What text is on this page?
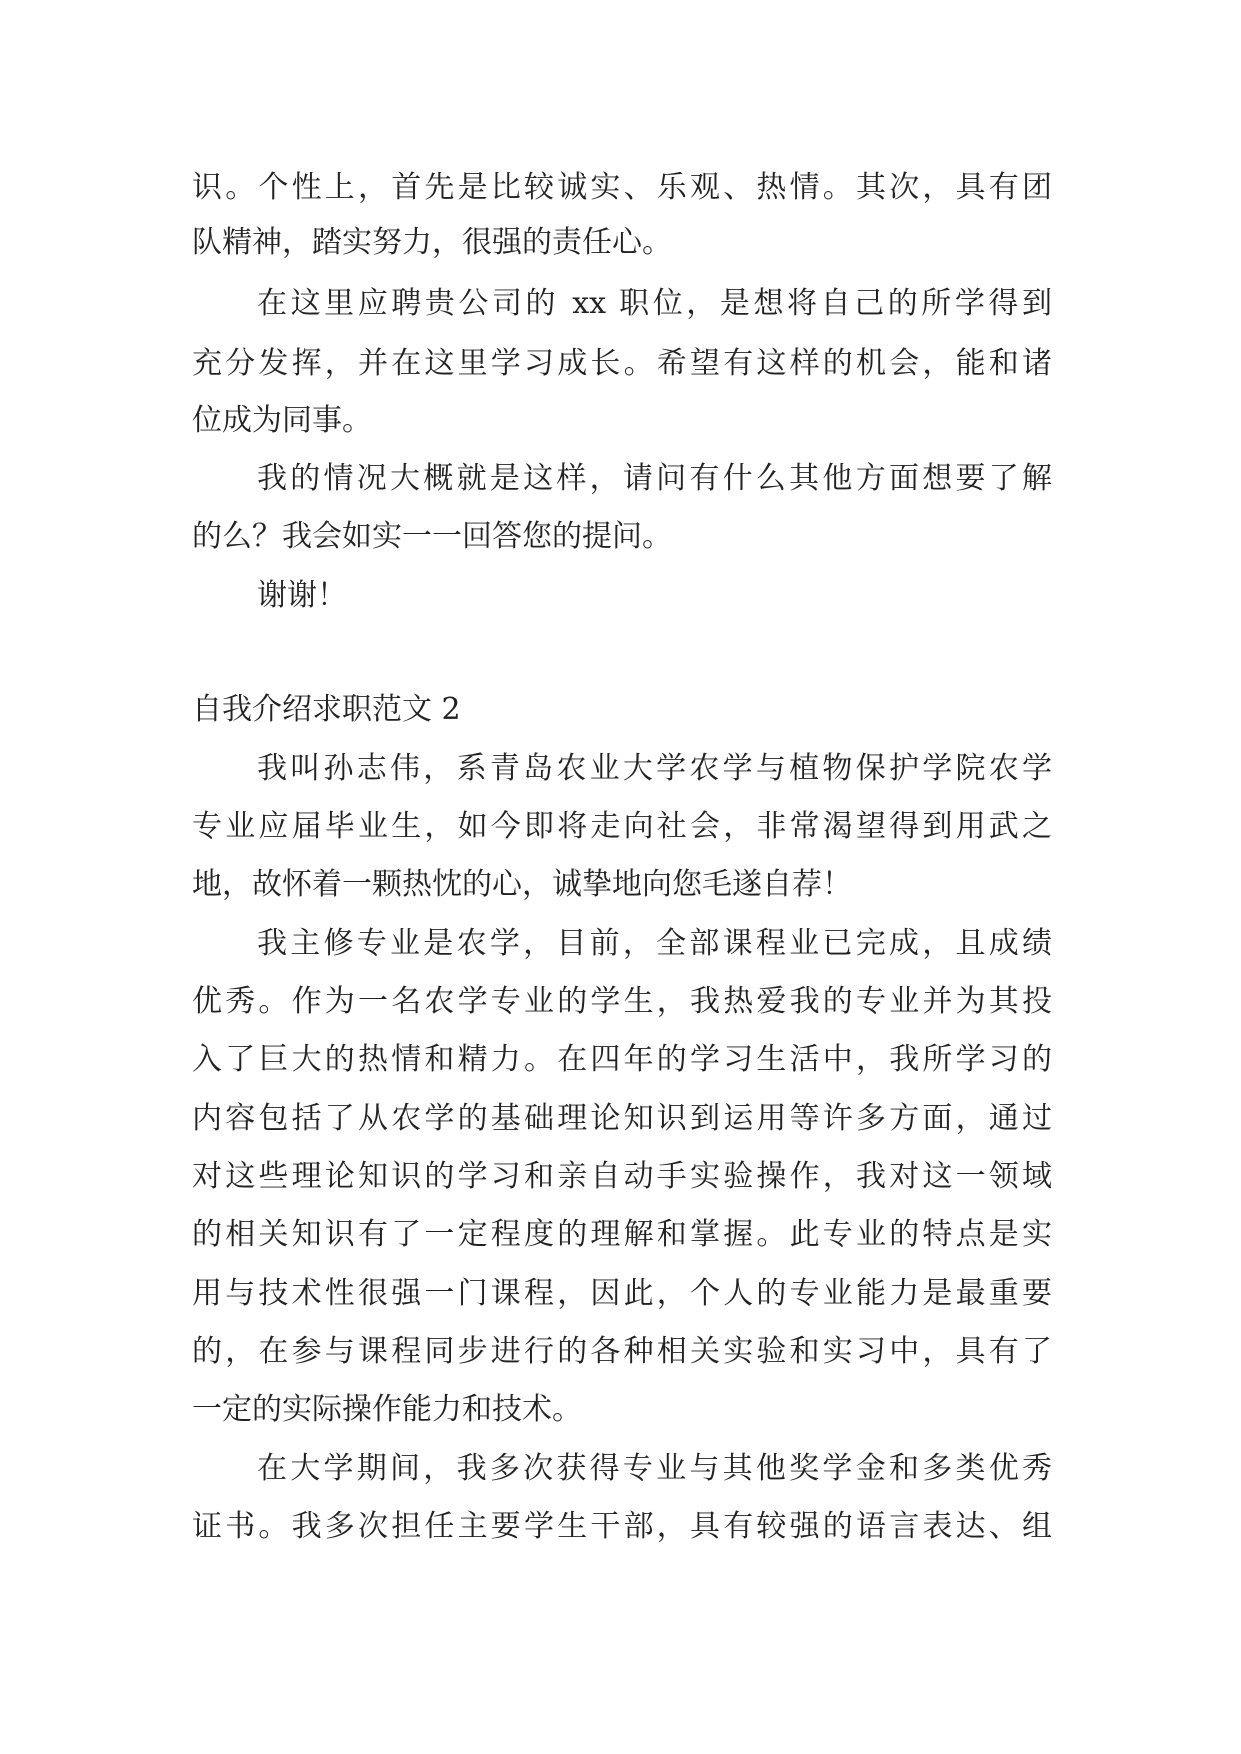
识。个性上，首先是比较诚实、乐观、热情。其次，具有团
队精神，踏实努力，很强的责任心。
在这里应聘贵公司的 xx 职位，是想将自己的所学得到
充分发挥，并在这里学习成长。希望有这样的机会，能和诸
位成为同事。
我的情况大概就是这样，请问有什么其他方面想要了解
的么？我会如实一一回答您的提问。
谢谢！
自我介绍求职范文 2
我叫孙志伟，系青岛农业大学农学与植物保护学院农学
专业应届毕业生，如今即将走向社会，非常渴望得到用武之
地，故怀着一颗热忱的心，诚挚地向您毛遂自荐！
我主修专业是农学，目前，全部课程业已完成，且成绩
优秀。作为一名农学专业的学生，我热爱我的专业并为其投
入了巨大的热情和精力。在四年的学习生活中，我所学习的
内容包括了从农学的基础理论知识到运用等许多方面，通过
对这些理论知识的学习和亲自动手实验操作，我对这一领域
的相关知识有了一定程度的理解和掌握。此专业的特点是实
用与技术性很强一门课程，因此，个人的专业能力是最重要
的，在参与课程同步进行的各种相关实验和实习中，具有了
一定的实际操作能力和技术。
在大学期间，我多次获得专业与其他奖学金和多类优秀
证书。我多次担任主要学生干部，具有较强的语言表达、组
